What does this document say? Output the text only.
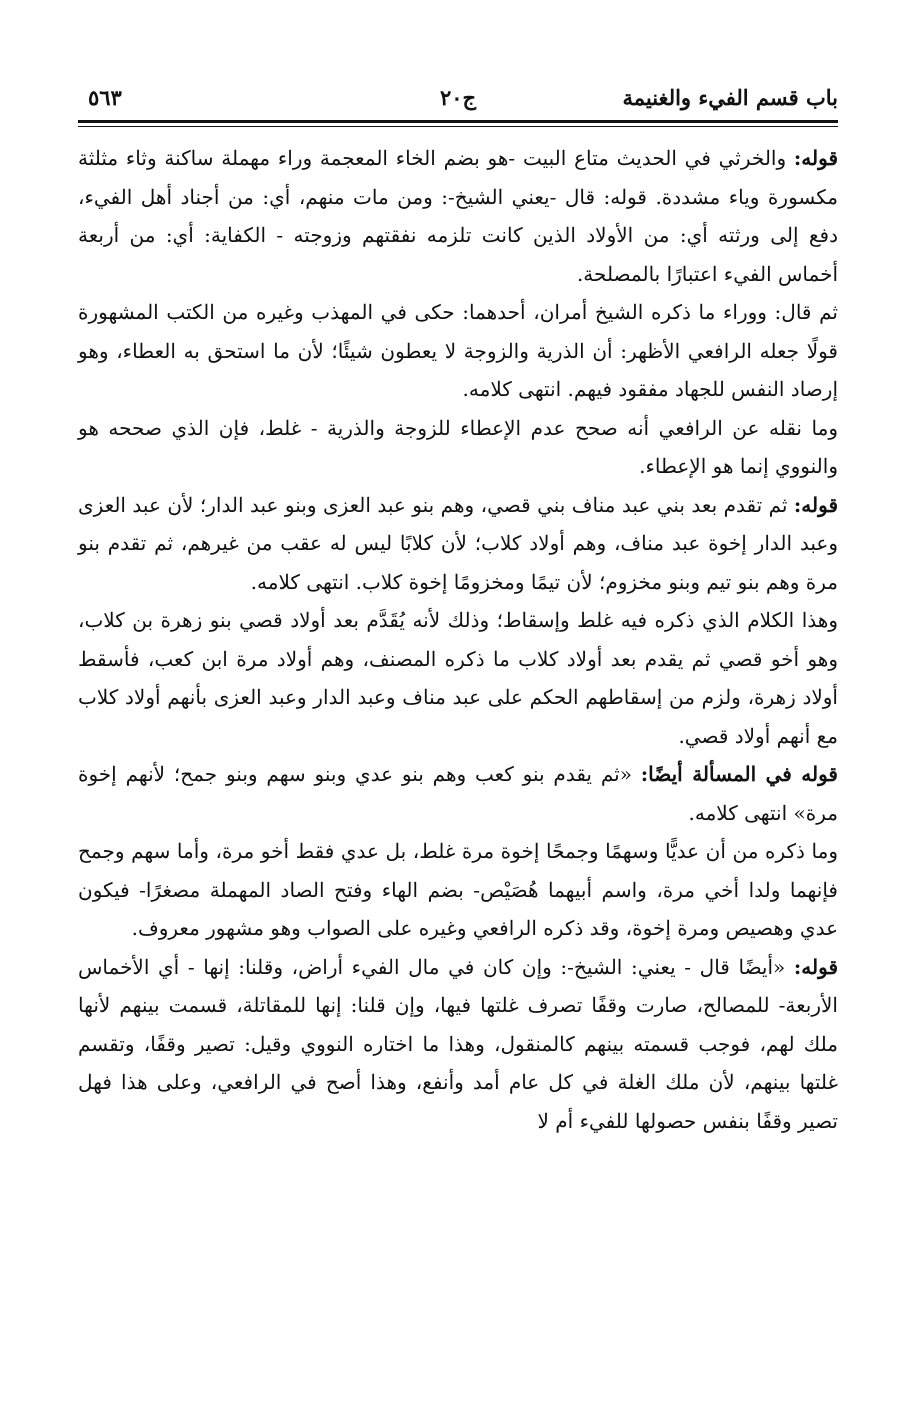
باب قسم الفيء والغنيمة
ج٢٠
٥٦٣

قوله: والخرثي في الحديث متاع البيت -هو بضم الخاء المعجمة وراء مهملة ساكنة وثاء مثلثة مكسورة وياء مشددة. قوله: قال -يعني الشيخ-: ومن مات منهم، أي: من أجناد أهل الفيء، دفع إلى ورثته أي: من الأولاد الذين كانت تلزمه نفقتهم وزوجته - الكفاية: أي: من أربعة أخماس الفيء اعتبارًا بالمصلحة.

ثم قال: ووراء ما ذكره الشيخ أمران، أحدهما: حكى في المهذب وغيره من الكتب المشهورة قولًا جعله الرافعي الأظهر: أن الذرية والزوجة لا يعطون شيئًا؛ لأن ما استحق به العطاء، وهو إرصاد النفس للجهاد مفقود فيهم. انتهى كلامه.

وما نقله عن الرافعي أنه صحح عدم الإعطاء للزوجة والذرية - غلط، فإن الذي صححه هو والنووي إنما هو الإعطاء.

قوله: ثم تقدم بعد بني عبد مناف بني قصي، وهم بنو عبد العزى وبنو عبد الدار؛ لأن عبد العزى وعبد الدار إخوة عبد مناف، وهم أولاد كلاب؛ لأن كلابًا ليس له عقب من غيرهم، ثم تقدم بنو مرة وهم بنو تيم وبنو مخزوم؛ لأن تيمًا ومخزومًا إخوة كلاب. انتهى كلامه.

وهذا الكلام الذي ذكره فيه غلط وإسقاط؛ وذلك لأنه يُقَدَّم بعد أولاد قصي بنو زهرة بن كلاب، وهو أخو قصي ثم يقدم بعد أولاد كلاب ما ذكره المصنف، وهم أولاد مرة ابن كعب، فأسقط أولاد زهرة، ولزم من إسقاطهم الحكم على عبد مناف وعبد الدار وعبد العزى بأنهم أولاد كلاب مع أنهم أولاد قصي.

قوله في المسألة أيضًا: «ثم يقدم بنو كعب وهم بنو عدي وبنو سهم وبنو جمح؛ لأنهم إخوة مرة» انتهى كلامه.

وما ذكره من أن عديًّا وسهمًا وجمحًا إخوة مرة غلط، بل عدي فقط أخو مرة، وأما سهم وجمح فإنهما ولدا أخي مرة، واسم أبيهما هُصَيْص- بضم الهاء وفتح الصاد المهملة مصغرًا- فيكون عدي وهصيص ومرة إخوة، وقد ذكره الرافعي وغيره على الصواب وهو مشهور معروف.

قوله: «أيضًا قال - يعني: الشيخ-: وإن كان في مال الفيء أراض، وقلنا: إنها - أي الأخماس الأربعة- للمصالح، صارت وقفًا تصرف غلتها فيها، وإن قلنا: إنها للمقاتلة، قسمت بينهم لأنها ملك لهم، فوجب قسمته بينهم كالمنقول، وهذا ما اختاره النووي وقيل: تصير وقفًا، وتقسم غلتها بينهم، لأن ملك الغلة في كل عام أمد وأنفع، وهذا أصح في الرافعي، وعلى هذا فهل تصير وقفًا بنفس حصولها للفيء أم لا
